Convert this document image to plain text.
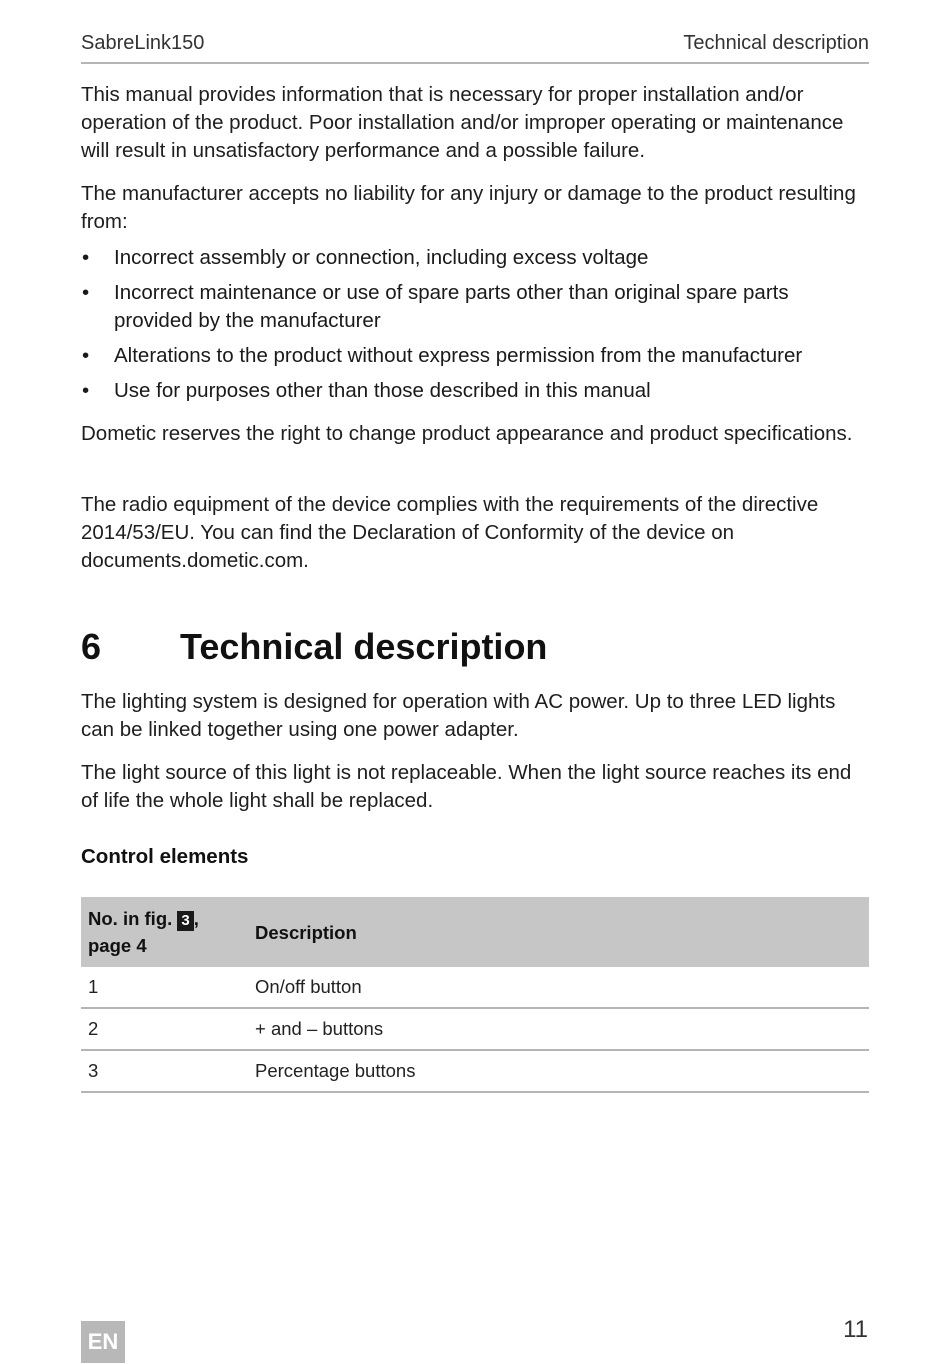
SabreLink150	Technical description

This manual provides information that is necessary for proper installation and/or operation of the product. Poor installation and/or improper operating or maintenance will result in unsatisfactory performance and a possible failure.

The manufacturer accepts no liability for any injury or damage to the product resulting from:

• Incorrect assembly or connection, including excess voltage
• Incorrect maintenance or use of spare parts other than original spare parts provided by the manufacturer
• Alterations to the product without express permission from the manufacturer
• Use for purposes other than those described in this manual

Dometic reserves the right to change product appearance and product specifications.

The radio equipment of the device complies with the requirements of the directive 2014/53/EU. You can find the Declaration of Conformity of the device on documents.dometic.com.

6 Technical description

The lighting system is designed for operation with AC power. Up to three LED lights can be linked together using one power adapter.

The light source of this light is not replaceable. When the light source reaches its end of life the whole light shall be replaced.

Control elements
No. in fig. 3 , page 4	Description
1	On/off button
2	+ and – buttons
3	Percentage buttons
EN	11
